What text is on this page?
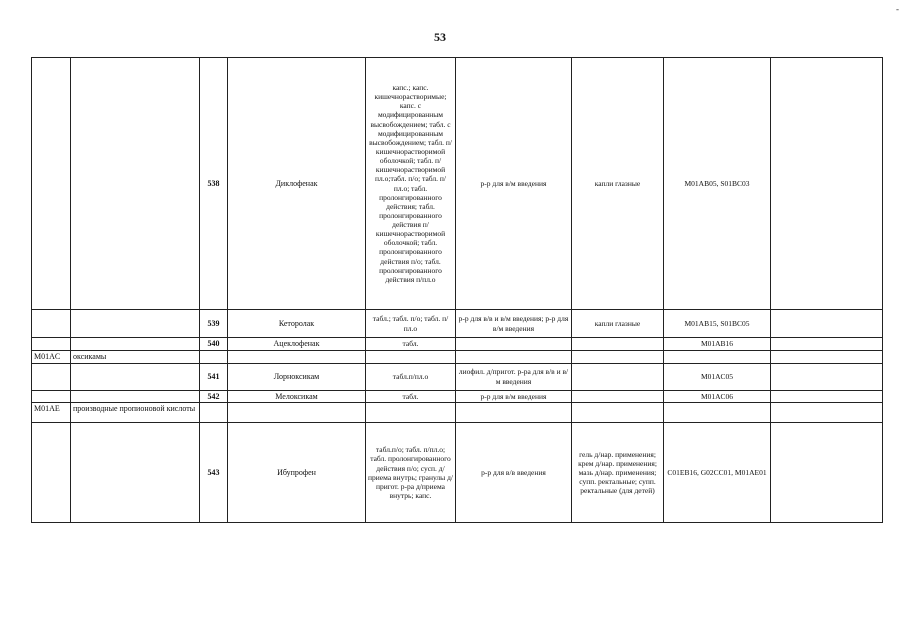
53
-
		538	Диклофенак	капс.; капс. кишечнорастворимые; капс. с модифицированным высвобождением; табл. с модифицированным высвобождением; табл. п/кишечнорастворимой оболочкой; табл. п/кишечнорастворимой пл.о;табл. п/о; табл. п/пл.о; табл. пролонгированного действия; табл. пролонгированного действия п/кишечнорастворимой оболочкой; табл. пролонгированного действия п/о; табл. пролонгированного действия п/пл.о	р-р для в/м введения	капли глазные	M01AB05, S01BC03	
		539	Кеторолак	табл.; табл. п/о; табл. п/пл.о	р-р для в/в и в/м введения; р-р для в/м введения	капли глазные	M01AB15, S01BC05	
		540	Ацеклофенак	табл.			M01AB16	
M01AC	оксикамы							
		541	Лорноксикам	табл.п/пл.о	лиофил. д/пригот. р-ра для в/в и в/м введения		M01AC05	
		542	Мелоксикам	табл.	р-р для в/м введения		M01AC06	
M01AE	производные пропионовой кислоты							
		543	Ибупрофен	табл.п/о; табл. п/пл.о; табл. пролонгированного действия п/о; сусп. д/приема внутрь; гранулы д/пригот. р-ра д/приема внутрь; капс.	р-р для в/в введения	гель д/нар. применения; крем д/нар. применения; мазь д/нар. применения; супп. ректальные; супп. ректальные (для детей)	C01EB16, G02CC01, M01AE01	
